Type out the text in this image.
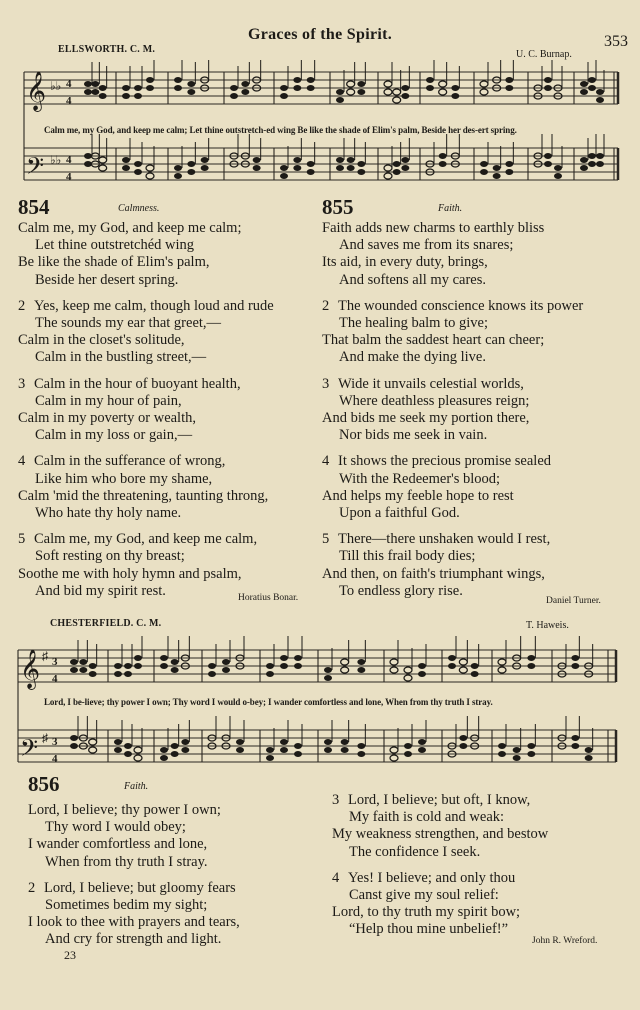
Graces of the Spirit.	353
ELLSWORTH. C. M.	U. C. Burnap.
𝄞
𝄢
♭♭
♭♭
4
4
4
4
Calm me, my God, and keep me calm; Let thine outstretch-ed wing Be like the shade of Elim's palm, Beside her des-ert spring.
854	Calmness.
Calm me, my God, and keep me calm;
Let thine outstretchéd wing
Be like the shade of Elim's palm,
Beside her desert spring.
2 Yes, keep me calm, though loud and rude
The sounds my ear that greet,—
Calm in the closet's solitude,
Calm in the bustling street,—
3 Calm in the hour of buoyant health,
Calm in my hour of pain,
Calm in my poverty or wealth,
Calm in my loss or gain,—
4 Calm in the sufferance of wrong,
Like him who bore my shame,
Calm 'mid the threatening, taunting throng,
Who hate thy holy name.
5 Calm me, my God, and keep me calm,
Soft resting on thy breast;
Soothe me with holy hymn and psalm,
And bid my spirit rest.	Horatius Bonar.
855	Faith.
Faith adds new charms to earthly bliss
And saves me from its snares;
Its aid, in every duty, brings,
And softens all my cares.
2 The wounded conscience knows its power
The healing balm to give;
That balm the saddest heart can cheer;
And make the dying live.
3 Wide it unvails celestial worlds,
Where deathless pleasures reign;
And bids me seek my portion there,
Nor bids me seek in vain.
4 It shows the precious promise sealed
With the Redeemer's blood;
And helps my feeble hope to rest
Upon a faithful God.
5 There—there unshaken would I rest,
Till this frail body dies;
And then, on faith's triumphant wings,
To endless glory rise.
Daniel Turner.
CHESTERFIELD. C. M.	T. Haweis.
𝄞
𝄢
♯
♯
3
4
3
4
Lord, I be-lieve; thy power I own; Thy word I would o-bey; I wander comfortless and lone, When from thy truth I stray.
856	Faith.
Lord, I believe; thy power I own;
Thy word I would obey;
I wander comfortless and lone,
When from thy truth I stray.
2 Lord, I believe; but gloomy fears
Sometimes bedim my sight;
I look to thee with prayers and tears,
And cry for strength and light.
3 Lord, I believe; but oft, I know,
My faith is cold and weak:
My weakness strengthen, and bestow
The confidence I seek.
4 Yes! I believe; and only thou
Canst give my soul relief:
Lord, to thy truth my spirit bow;
“Help thou mine unbelief!”
John R. Wreford.
23
